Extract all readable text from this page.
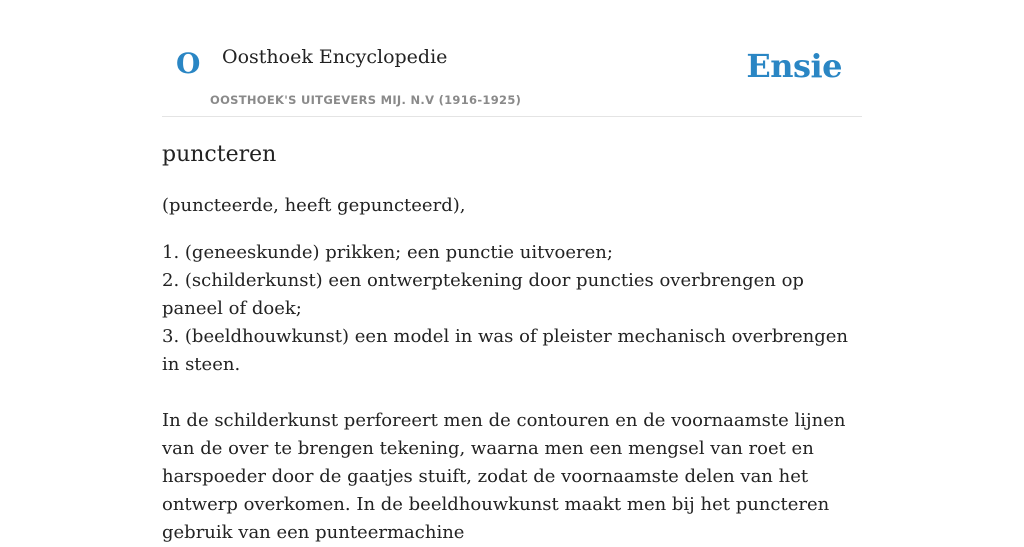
O Oosthoek Encyclopedie
OOSTHOEK'S UITGEVERS MIJ. N.V (1916-1925)
Ensie
puncteren

(puncteerde, heeft gepuncteerd),

1. (geneeskunde) prikken; een punctie uitvoeren;
2. (schilderkunst) een ontwerptekening door puncties overbrengen op paneel of doek;
3. (beeldhouwkunst) een model in was of pleister mechanisch overbrengen in steen.

In de schilderkunst perforeert men de contouren en de voornaamste lijnen van de over te brengen tekening, waarna men een mengsel van roet en harspoeder door de gaatjes stuift, zodat de voornaamste delen van het ontwerp overkomen. In de beeldhouwkunst maakt men bij het puncteren gebruik van een punteermachine
